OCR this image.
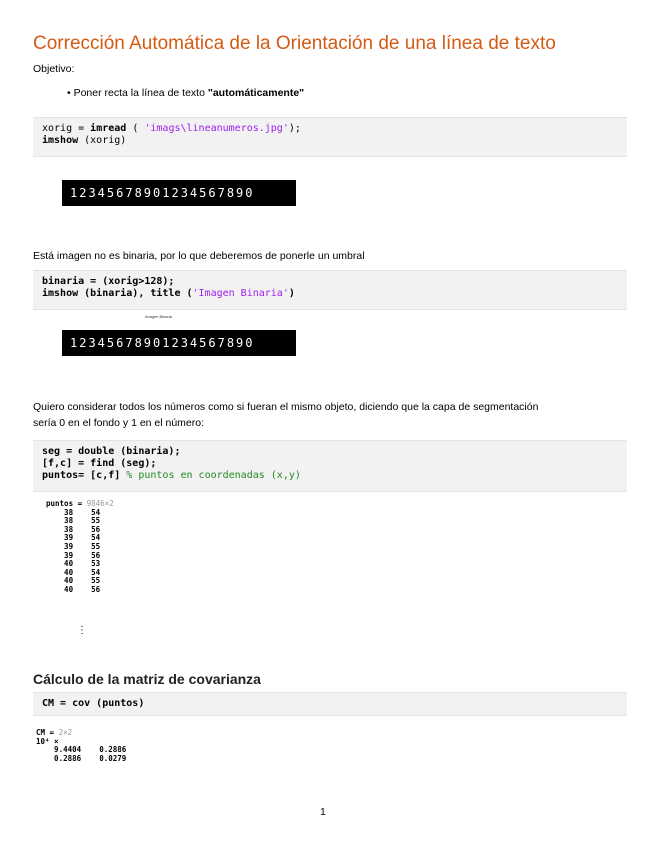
Corrección Automática de la Orientación de una línea de texto
Objetivo:
• Poner recta la línea de texto "automáticamente"
xorig = imread ( 'imags\lineanumeros.jpg');
imshow (xorig)
12345678901234567890
Está imagen no es binaria, por lo que deberemos de ponerle un umbral
binaria = (xorig>128);
imshow (binaria), title ('Imagen Binaria')
Imagen Binaria
12345678901234567890
Quiero considerar todos los números como si fueran el mismo objeto, diciendo que la capa de segmentación
sería 0 en el fondo y 1 en el número:
seg = double (binaria);
[f,c] = find (seg);
puntos= [c,f] % puntos en coordenadas (x,y)
puntos = 9846×2
38    54
38    55
38    56
39    54
39    55
39    56
40    53
40    54
40    55
40    56
⋮
Cálculo de la matriz de covarianza
CM = cov (puntos)
CM = 2×2
10⁴ ×
9.4404    0.2886
0.2886    0.0279
1
